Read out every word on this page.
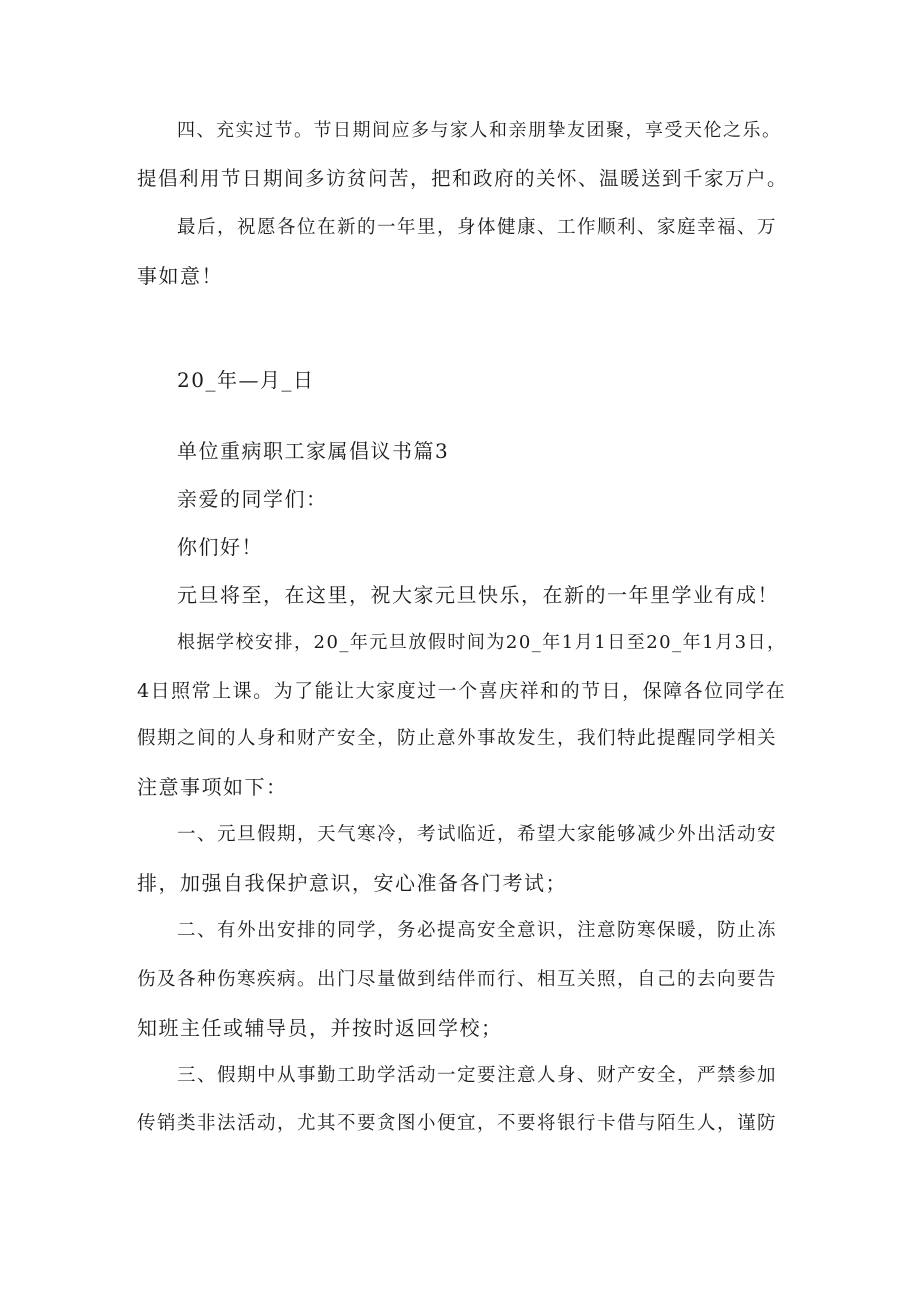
四、充实过节。节日期间应多与家人和亲朋挚友团聚，享受天伦之乐。

提倡利用节日期间多访贫问苦，把和政府的关怀、温暖送到千家万户。

最后，祝愿各位在新的一年里，身体健康、工作顺利、家庭幸福、万

事如意！

20_年—月_日

单位重病职工家属倡议书篇3

亲爱的同学们：

你们好！

元旦将至，在这里，祝大家元旦快乐，在新的一年里学业有成！

根据学校安排，20_年元旦放假时间为20_年1月1日至20_年1月3日，

4日照常上课。为了能让大家度过一个喜庆祥和的节日，保障各位同学在

假期之间的人身和财产安全，防止意外事故发生，我们特此提醒同学相关

注意事项如下：

一、元旦假期，天气寒冷，考试临近，希望大家能够减少外出活动安

排，加强自我保护意识，安心准备各门考试；

二、有外出安排的同学，务必提高安全意识，注意防寒保暖，防止冻

伤及各种伤寒疾病。出门尽量做到结伴而行、相互关照，自己的去向要告

知班主任或辅导员，并按时返回学校；

三、假期中从事勤工助学活动一定要注意人身、财产安全，严禁参加

传销类非法活动，尤其不要贪图小便宜，不要将银行卡借与陌生人，谨防
